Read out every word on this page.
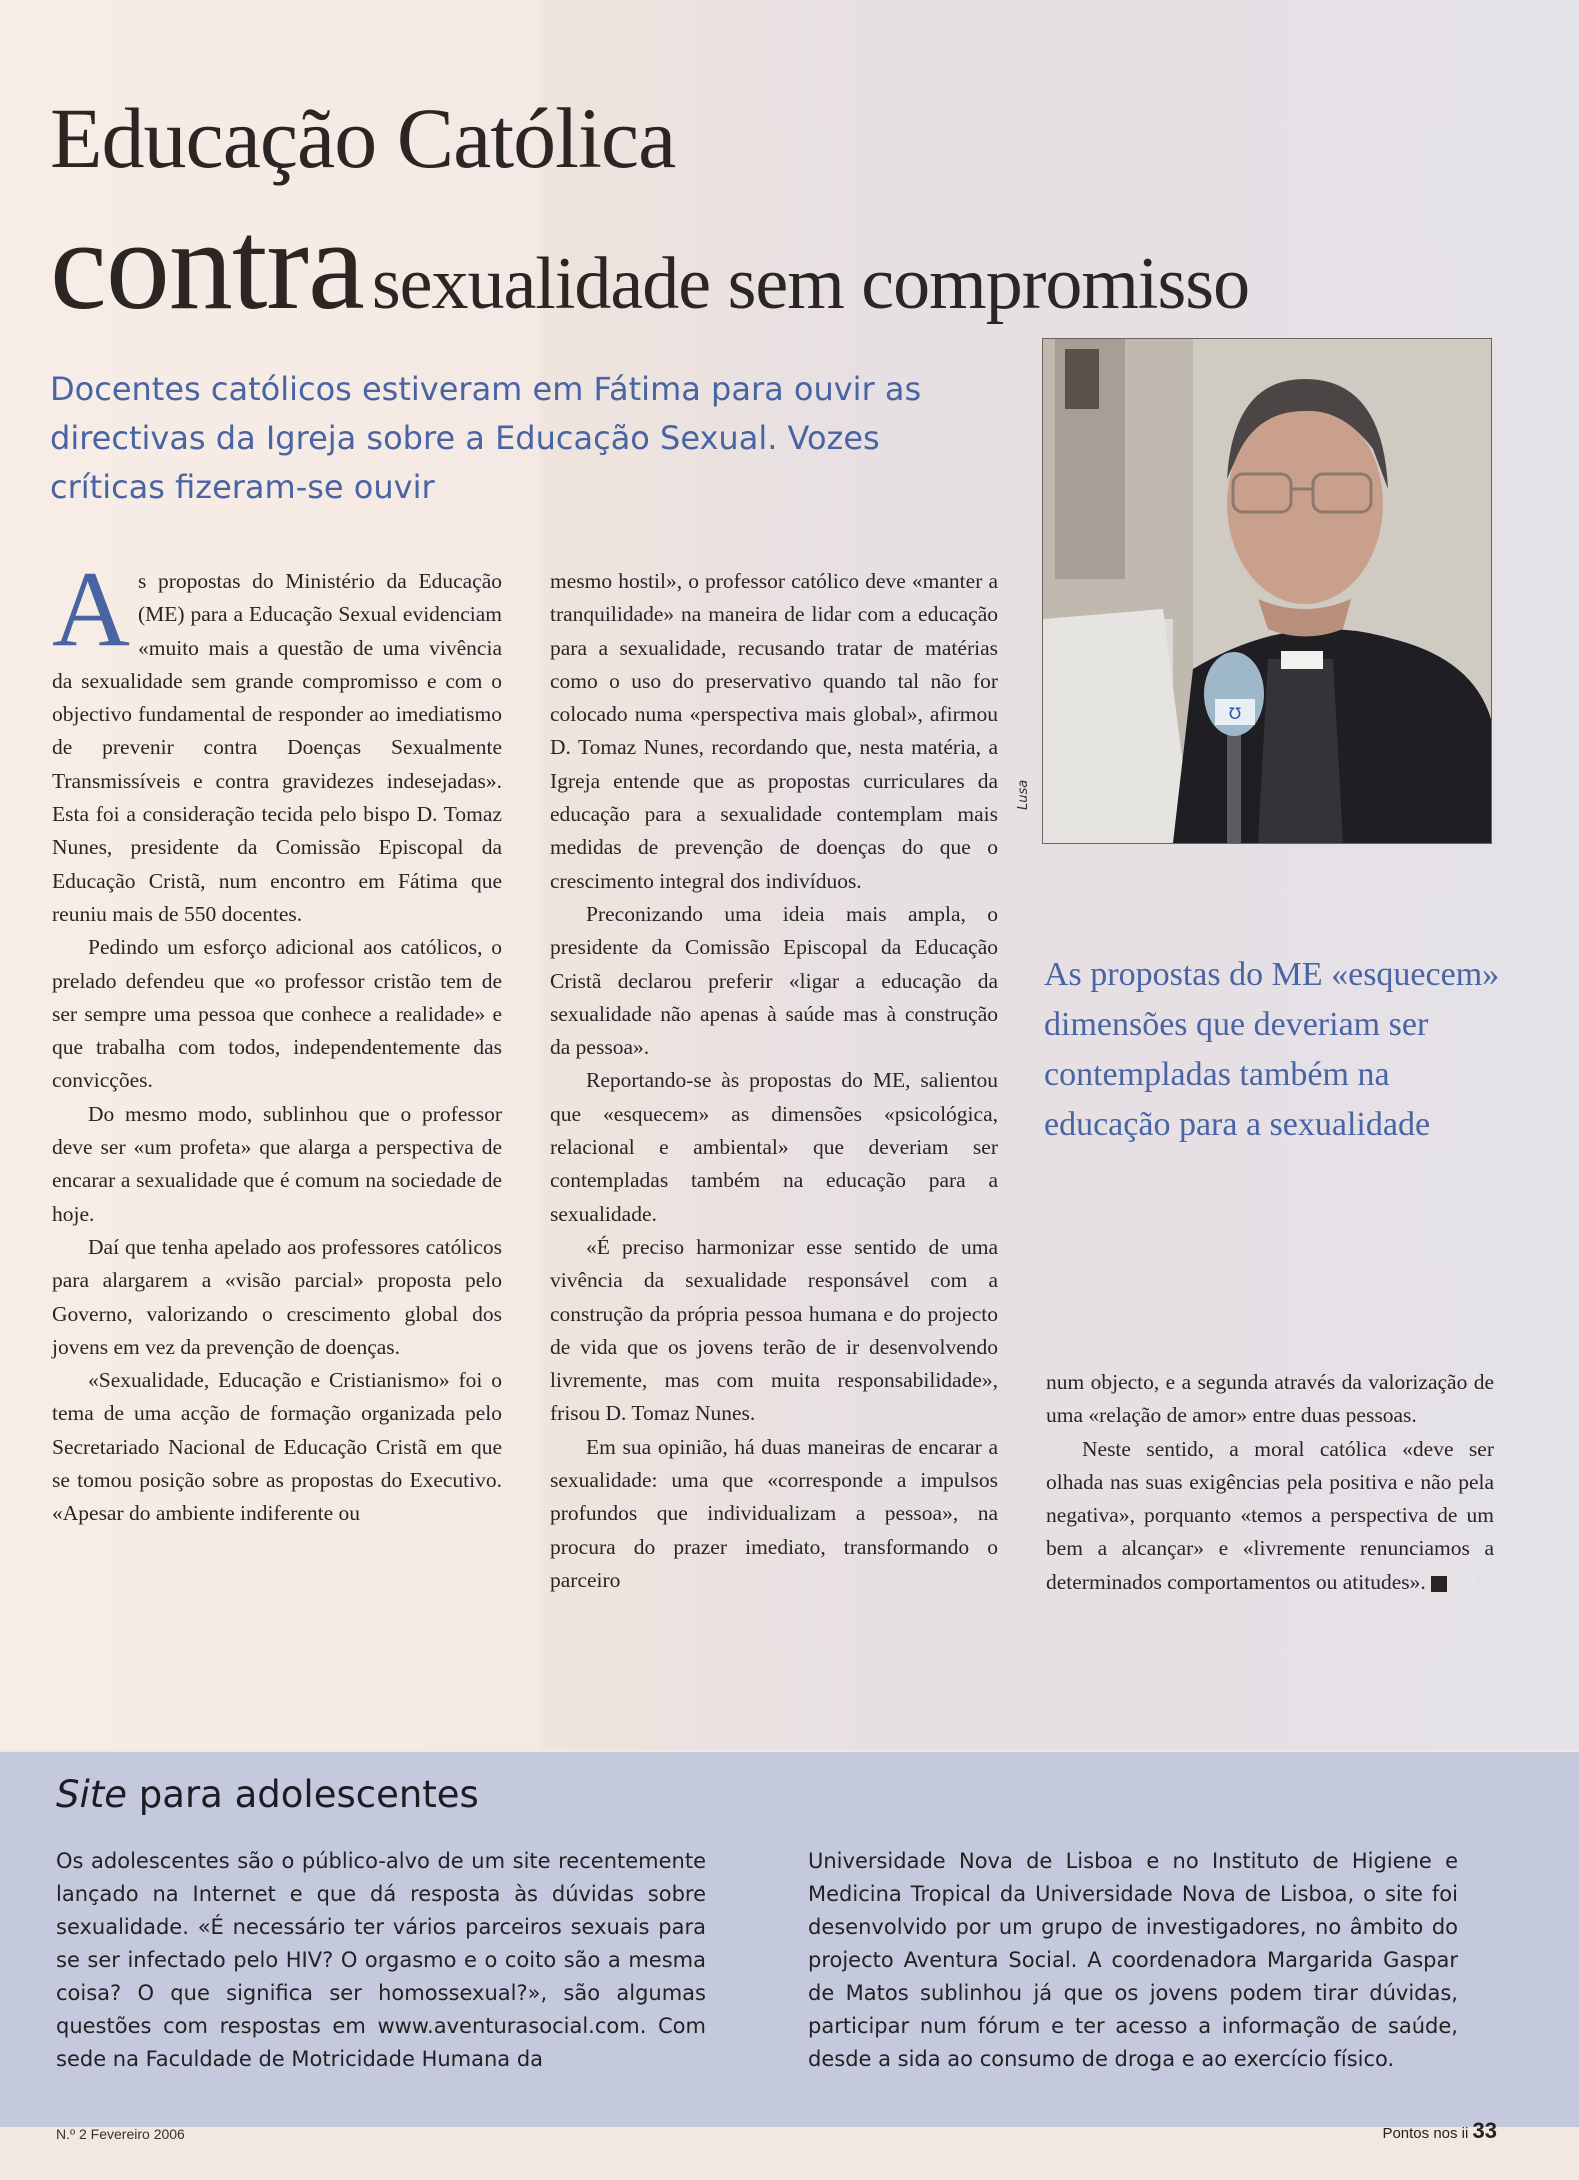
Educação Católica
contra sexualidade sem compromisso

Docentes católicos estiveram em Fátima para ouvir as directivas da Igreja sobre a Educação Sexual. Vozes críticas fizeram-se ouvir

As propostas do Ministério da Educação (ME) para a Educação Sexual evidenciam «muito mais a questão de uma vivência da sexualidade sem grande compromisso e com o objectivo fundamental de responder ao imediatismo de prevenir contra Doenças Sexualmente Transmissíveis e contra gravidezes indesejadas». Esta foi a consideração tecida pelo bispo D. Tomaz Nunes, presidente da Comissão Episcopal da Educação Cristã, num encontro em Fátima que reuniu mais de 550 docentes.

Pedindo um esforço adicional aos católicos, o prelado defendeu que «o professor cristão tem de ser sempre uma pessoa que conhece a realidade» e que trabalha com todos, independentemente das convicções.

Do mesmo modo, sublinhou que o professor deve ser «um profeta» que alarga a perspectiva de encarar a sexualidade que é comum na sociedade de hoje.

Daí que tenha apelado aos professores católicos para alargarem a «visão parcial» proposta pelo Governo, valorizando o crescimento global dos jovens em vez da prevenção de doenças.

«Sexualidade, Educação e Cristianismo» foi o tema de uma acção de formação organizada pelo Secretariado Nacional de Educação Cristã em que se tomou posição sobre as propostas do Executivo. «Apesar do ambiente indiferente ou

mesmo hostil», o professor católico deve «manter a tranquilidade» na maneira de lidar com a educação para a sexualidade, recusando tratar de matérias como o uso do preservativo quando tal não for colocado numa «perspectiva mais global», afirmou D. Tomaz Nunes, recordando que, nesta matéria, a Igreja entende que as propostas curriculares da educação para a sexualidade contemplam mais medidas de prevenção de doenças do que o crescimento integral dos indivíduos.

Preconizando uma ideia mais ampla, o presidente da Comissão Episcopal da Educação Cristã declarou preferir «ligar a educação da sexualidade não apenas à saúde mas à construção da pessoa».

Reportando-se às propostas do ME, salientou que «esquecem» as dimensões «psicológica, relacional e ambiental» que deveriam ser contempladas também na educação para a sexualidade.

«É preciso harmonizar esse sentido de uma vivência da sexualidade responsável com a construção da própria pessoa humana e do projecto de vida que os jovens terão de ir desenvolvendo livremente, mas com muita responsabilidade», frisou D. Tomaz Nunes.

Em sua opinião, há duas maneiras de encarar a sexualidade: uma que «corresponde a impulsos profundos que individualizam a pessoa», na procura do prazer imediato, transformando o parceiro

Ʊ
Lusa

As propostas do ME «esquecem» dimensões que deveriam ser contempladas também na educação para a sexualidade

num objecto, e a segunda através da valorização de uma «relação de amor» entre duas pessoas.

Neste sentido, a moral católica «deve ser olhada nas suas exigências pela positiva e não pela negativa», porquanto «temos a perspectiva de um bem a alcançar» e «livremente renunciamos a determinados comportamentos ou atitudes».	H

Site para adolescentes

Os adolescentes são o público-alvo de um site recentemente lançado na Internet e que dá resposta às dúvidas sobre sexualidade. «É necessário ter vários parceiros sexuais para se ser infectado pelo HIV? O orgasmo e o coito são a mesma coisa? O que significa ser homossexual?», são algumas questões com respostas em www.aventurasocial.com. Com sede na Faculdade de Motricidade Humana da

Universidade Nova de Lisboa e no Instituto de Higiene e Medicina Tropical da Universidade Nova de Lisboa, o site foi desenvolvido por um grupo de investigadores, no âmbito do projecto Aventura Social. A coordenadora Margarida Gaspar de Matos sublinhou já que os jovens podem tirar dúvidas, participar num fórum e ter acesso a informação de saúde, desde a sida ao consumo de droga e ao exercício físico.

N.º 2 Fevereiro 2006	Pontos nos ii 33
